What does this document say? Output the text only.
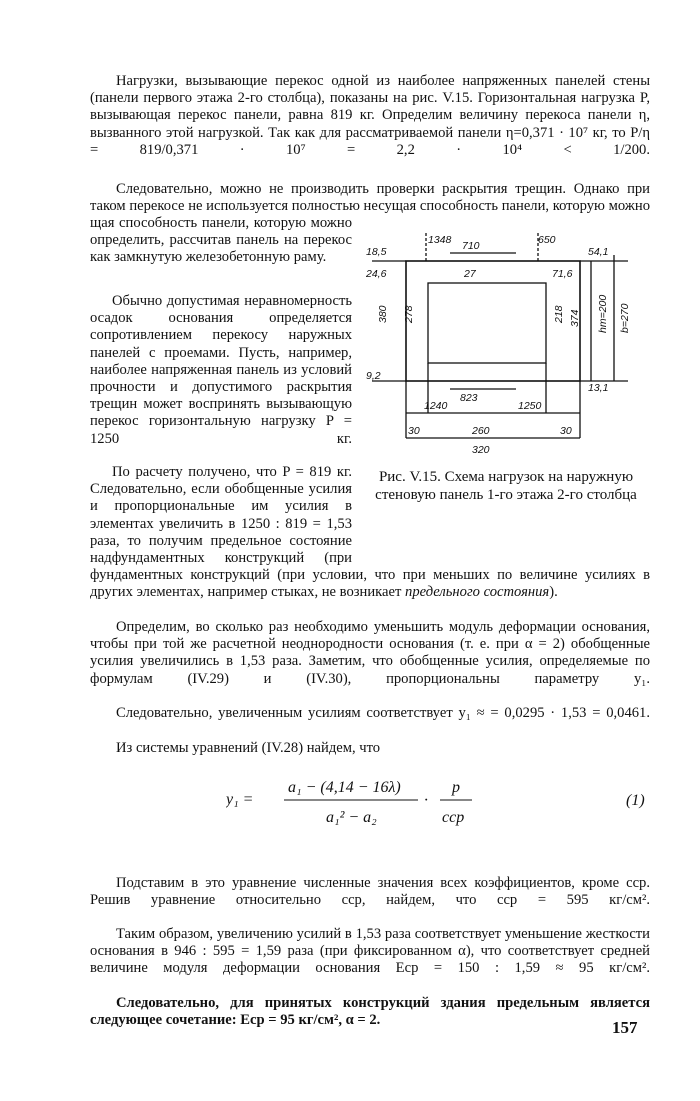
Нагрузки, вызывающие перекос одной из наиболее напряженных панелей стены (панели первого этажа 2-го столбца), показаны на рис. V.15. Горизонтальная нагрузка P, вызывающая перекос панели, равна 819 кг. Определим величину перекоса панели η, вызванного этой нагрузкой. Так как для рассматриваемой панели η=0,371 · 10⁷ кг, то P/η = 819/0,371 · 10⁷ = 2,2 · 10⁴ < 1/200.

Следовательно, можно не производить проверки раскрытия трещин. Однако при таком перекосе не используется полностью несущая способность панели, которую можно

щая способность панели, которую можно определить, рассчитав панель на перекос как замкнутую железобетонную раму.

Обычно допустимая неравномерность осадок основания определяется сопротивлением перекосу наружных панелей с проемами. Пусть, например, наиболее напряженная панель из условий прочности и допустимого раскрытия трещин может воспринять вызывающую перекос горизонтальную нагрузку P = 1250 кг.

По расчету получено, что P = 819 кг. Следовательно, если обобщенные усилия и пропорциональные им усилия в элементах увеличить в 1250 : 819 = 1,53 раза, то получим предельное состояние надфундаментных конструкций (при

фундаментных конструкций (при условии, что при меньших по величине усилиях в других элементах, например стыках, не возникает предельного состояния).

Определим, во сколько раз необходимо уменьшить модуль деформации основания, чтобы при той же расчетной неоднородности основания (т. е. при α = 2) обобщенные усилия увеличились в 1,53 раза. Заметим, что обобщенные усилия, определяемые по формулам (IV.29) и (IV.30), пропорциональны параметру y₁.

Следовательно, увеличенным усилиям соответствует y₁ ≈ = 0,0295 · 1,53 = 0,0461.

Из системы уравнений (IV.28) найдем, что

1348	650
18,5	710	54,1
24,6	27	71,6
380 278	218 374 hт=200 b=270
9,2
823
13,1
1240	1250
30	260	30
320
Рис. V.15. Схема нагрузок на наружную стеновую панель 1-го этажа 2-го столбца
y₁ =
a₁ − (4,14 − 16λ)
a₁² − a₂
·
p
cср
(1)

Подставим в это уравнение численные значения всех коэффициентов, кроме cср. Решив уравнение относительно cср, найдем, что cср = 595 кг/см².

Таким образом, увеличению усилий в 1,53 раза соответствует уменьшение жесткости основания в 946 : 595 = 1,59 раза (при фиксированном α), что соответствует средней величине модуля деформации основания Eср = 150 : 1,59 ≈ 95 кг/см².

Следовательно, для принятых конструкций здания предельным является следующее сочетание: Eср = 95 кг/см², α = 2.	157
